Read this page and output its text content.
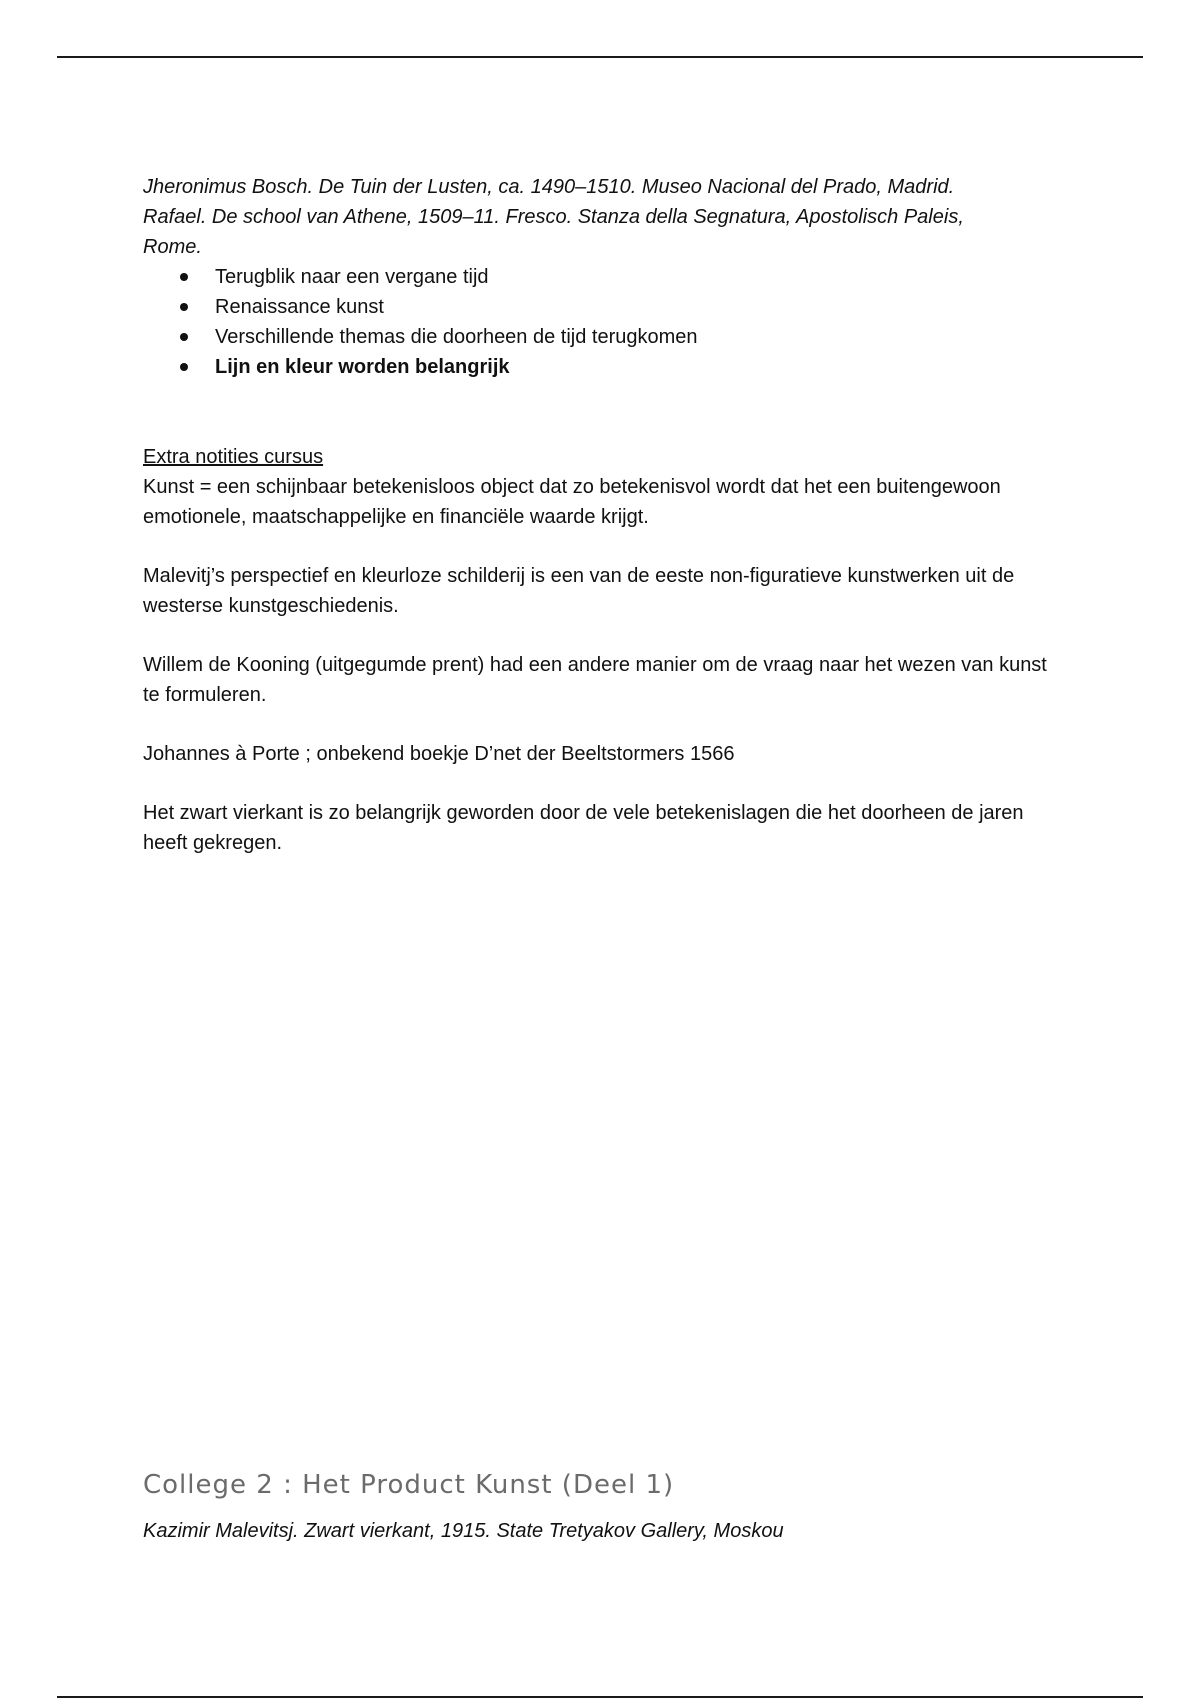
Jheronimus Bosch. De Tuin der Lusten, ca. 1490–1510. Museo Nacional del Prado, Madrid.
Rafael. De school van Athene, 1509–11. Fresco. Stanza della Segnatura, Apostolisch Paleis,
Rome.
Terugblik naar een vergane tijd
Renaissance kunst
Verschillende themas die doorheen de tijd terugkomen
Lijn en kleur worden belangrijk
Extra notities cursus

Kunst = een schijnbaar betekenisloos object dat zo betekenisvol wordt dat het een buitengewoon emotionele, maatschappelijke en financiële waarde krijgt.

Malevitj’s perspectief en kleurloze schilderij is een van de eeste non-figuratieve kunstwerken uit de westerse kunstgeschiedenis.

Willem de Kooning (uitgegumde prent) had een andere manier om de vraag naar het wezen van kunst te formuleren.

Johannes à Porte ; onbekend boekje D’net der Beeltstormers 1566

Het zwart vierkant is zo belangrijk geworden door de vele betekenislagen die het doorheen de jaren heeft gekregen.

College 2 : Het Product Kunst (Deel 1)
Kazimir Malevitsj. Zwart vierkant, 1915. State Tretyakov Gallery, Moskou
